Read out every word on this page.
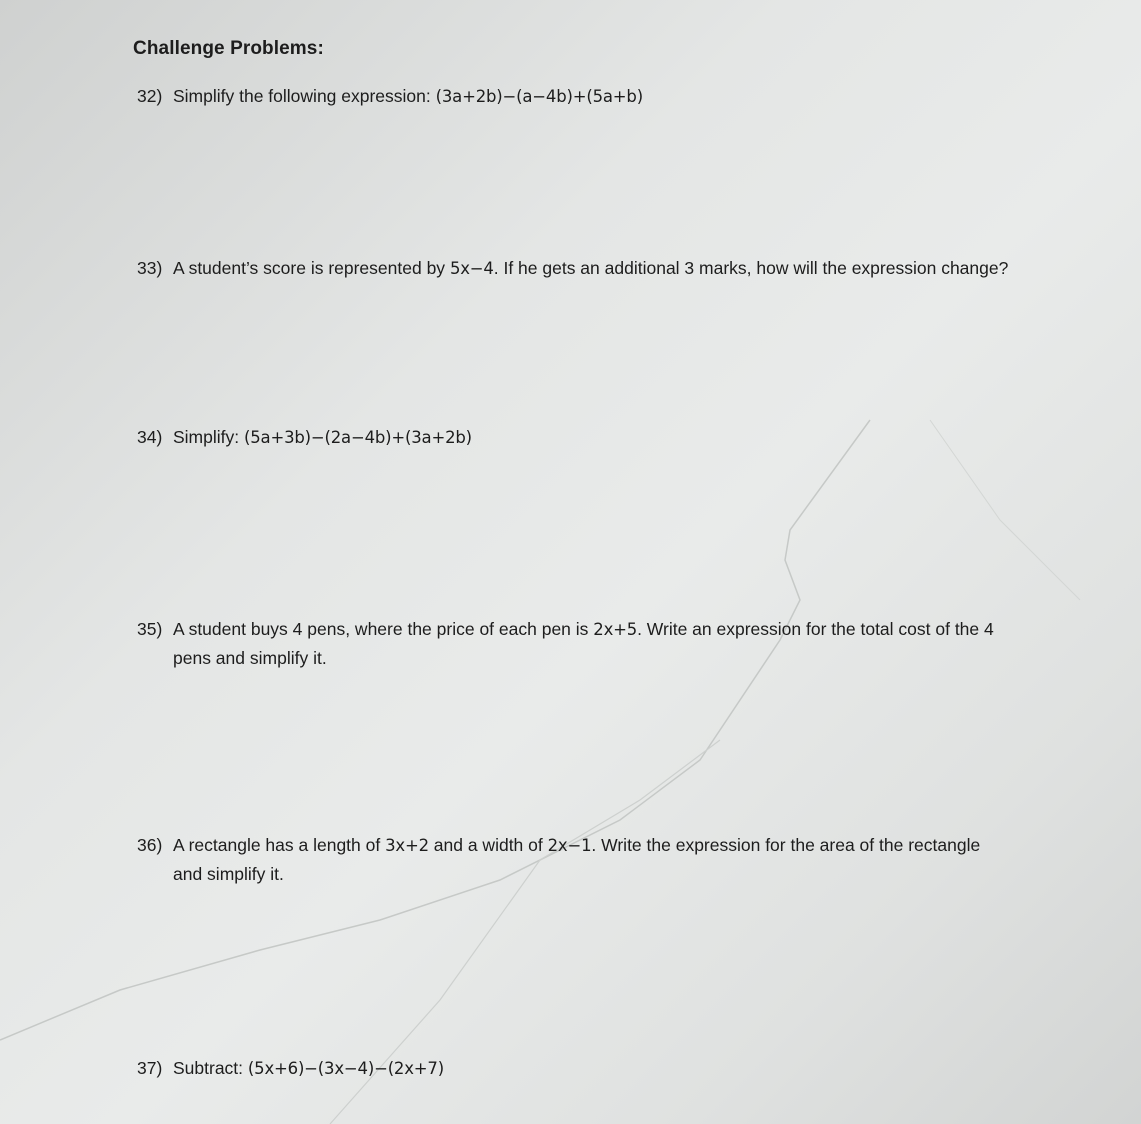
Challenge Problems:
32) Simplify the following expression: (3a+2b)−(a−4b)+(5a+b)
33) A student’s score is represented by 5x−4. If he gets an additional 3 marks, how will the expression change?
34) Simplify: (5a+3b)−(2a−4b)+(3a+2b)
35) A student buys 4 pens, where the price of each pen is 2x+5. Write an expression for the total cost of the 4
pens and simplify it.
36) A rectangle has a length of 3x+2 and a width of 2x−1. Write the expression for the area of the rectangle
and simplify it.
37) Subtract: (5x+6)−(3x−4)−(2x+7)
